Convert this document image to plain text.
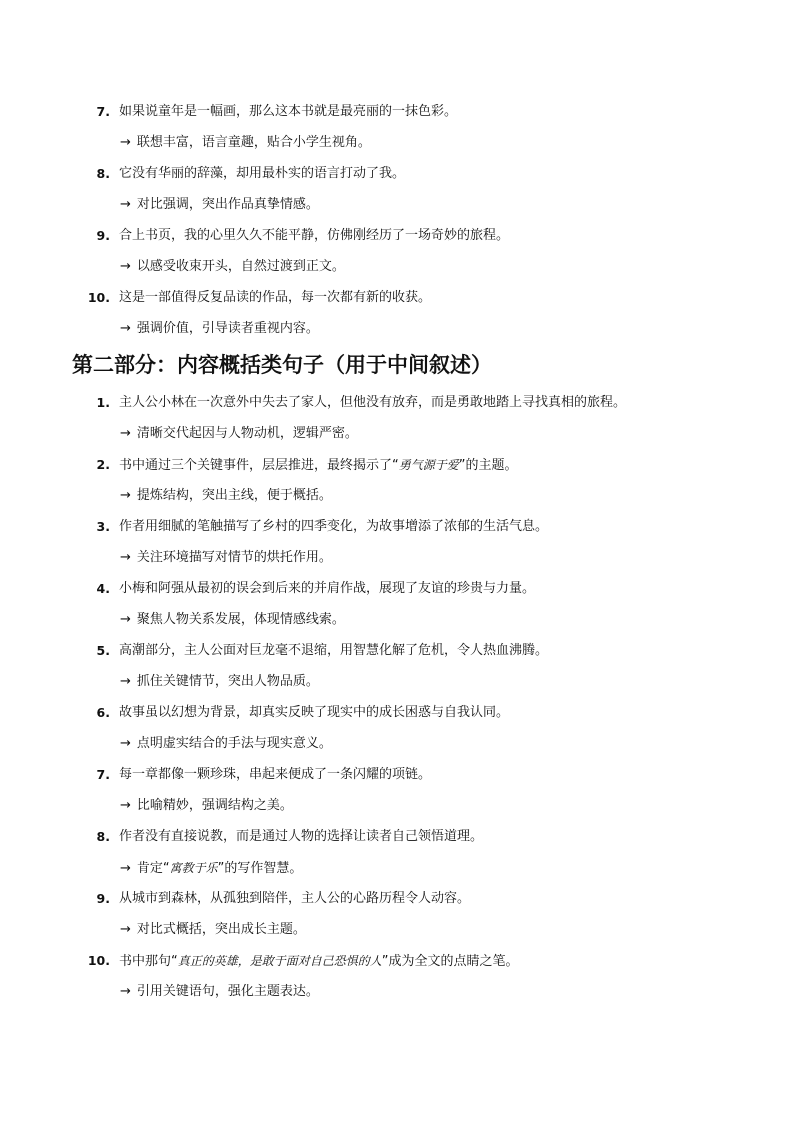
7. 如果说童年是一幅画，那么这本书就是最亮丽的一抹色彩。
→ 联想丰富，语言童趣，贴合小学生视角。
8. 它没有华丽的辞藻，却用最朴实的语言打动了我。
→ 对比强调，突出作品真挚情感。
9. 合上书页，我的心里久久不能平静，仿佛刚经历了一场奇妙的旅程。
→ 以感受收束开头，自然过渡到正文。
10. 这是一部值得反复品读的作品，每一次都有新的收获。
→ 强调价值，引导读者重视内容。
第二部分：内容概括类句子（用于中间叙述）
1. 主人公小林在一次意外中失去了家人，但他没有放弃，而是勇敢地踏上寻找真相的旅程。
→ 清晰交代起因与人物动机，逻辑严密。
2. 书中通过三个关键事件，层层推进，最终揭示了“勇气源于爱”的主题。
→ 提炼结构，突出主线，便于概括。
3. 作者用细腻的笔触描写了乡村的四季变化，为故事增添了浓郁的生活气息。
→ 关注环境描写对情节的烘托作用。
4. 小梅和阿强从最初的误会到后来的并肩作战，展现了友谊的珍贵与力量。
→ 聚焦人物关系发展，体现情感线索。
5. 高潮部分，主人公面对巨龙毫不退缩，用智慧化解了危机，令人热血沸腾。
→ 抓住关键情节，突出人物品质。
6. 故事虽以幻想为背景，却真实反映了现实中的成长困惑与自我认同。
→ 点明虚实结合的手法与现实意义。
7. 每一章都像一颗珍珠，串起来便成了一条闪耀的项链。
→ 比喻精妙，强调结构之美。
8. 作者没有直接说教，而是通过人物的选择让读者自己领悟道理。
→ 肯定“寓教于乐”的写作智慧。
9. 从城市到森林，从孤独到陪伴，主人公的心路历程令人动容。
→ 对比式概括，突出成长主题。
10. 书中那句“真正的英雄，是敢于面对自己恐惧的人”成为全文的点睛之笔。
→ 引用关键语句，强化主题表达。
